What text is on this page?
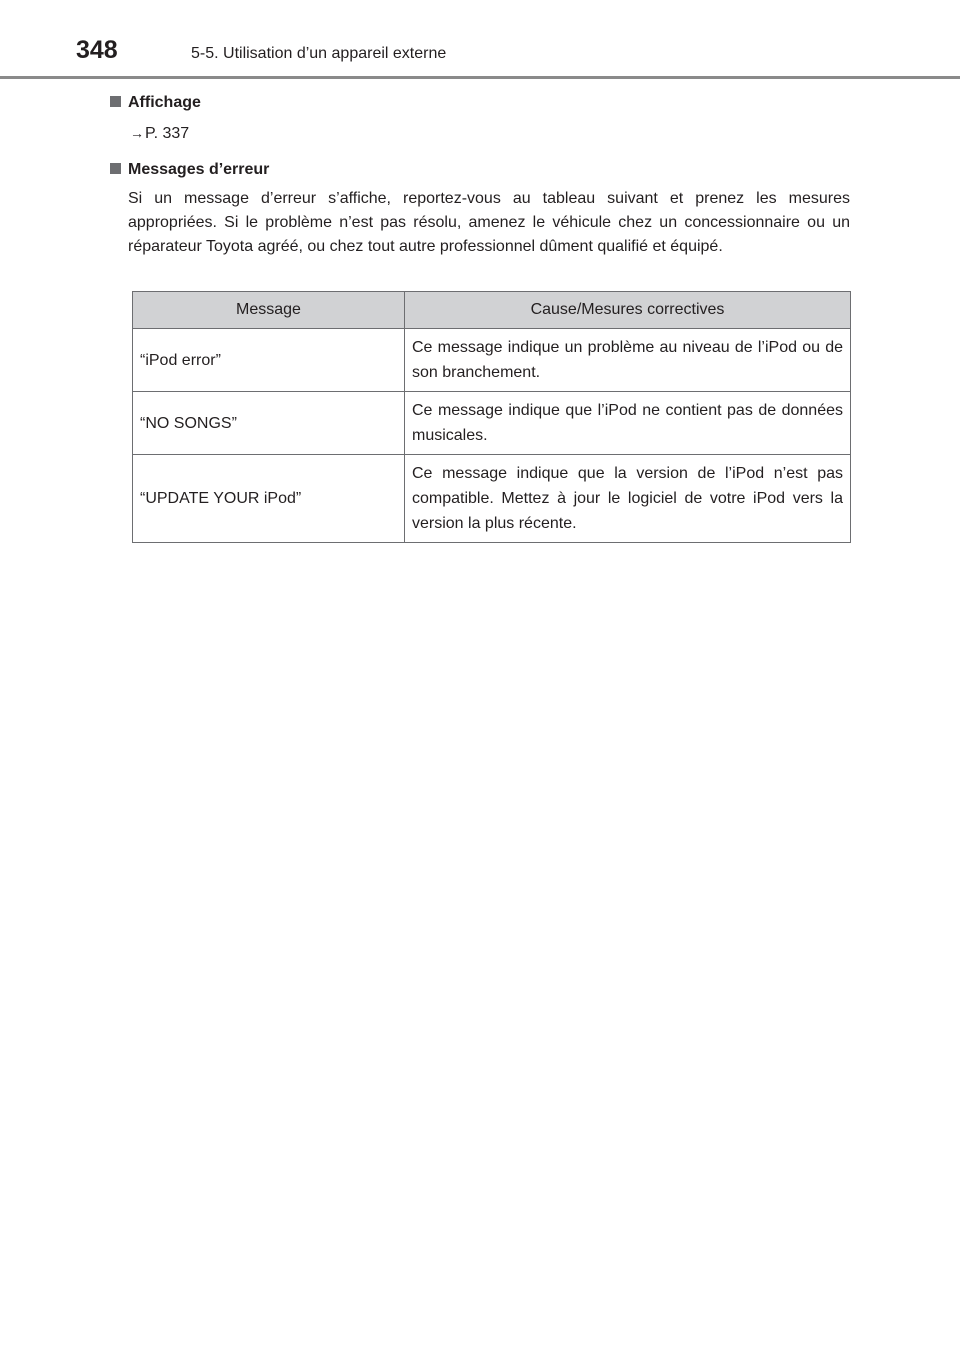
348	5-5. Utilisation d’un appareil externe

Affichage

→P. 337

Messages d’erreur

Si un message d’erreur s’affiche, reportez-vous au tableau suivant et prenez les mesures appropriées. Si le problème n’est pas résolu, amenez le véhicule chez un concessionnaire ou un réparateur Toyota agréé, ou chez tout autre professionnel dûment qualifié et équipé.

Message	Cause/Mesures correctives
“iPod error”	Ce message indique un problème au niveau de l’iPod ou de son branchement.
“NO SONGS”	Ce message indique que l’iPod ne contient pas de données musicales.
“UPDATE YOUR iPod”	Ce message indique que la version de l’iPod n’est pas compatible. Mettez à jour le logiciel de votre iPod vers la version la plus récente.
